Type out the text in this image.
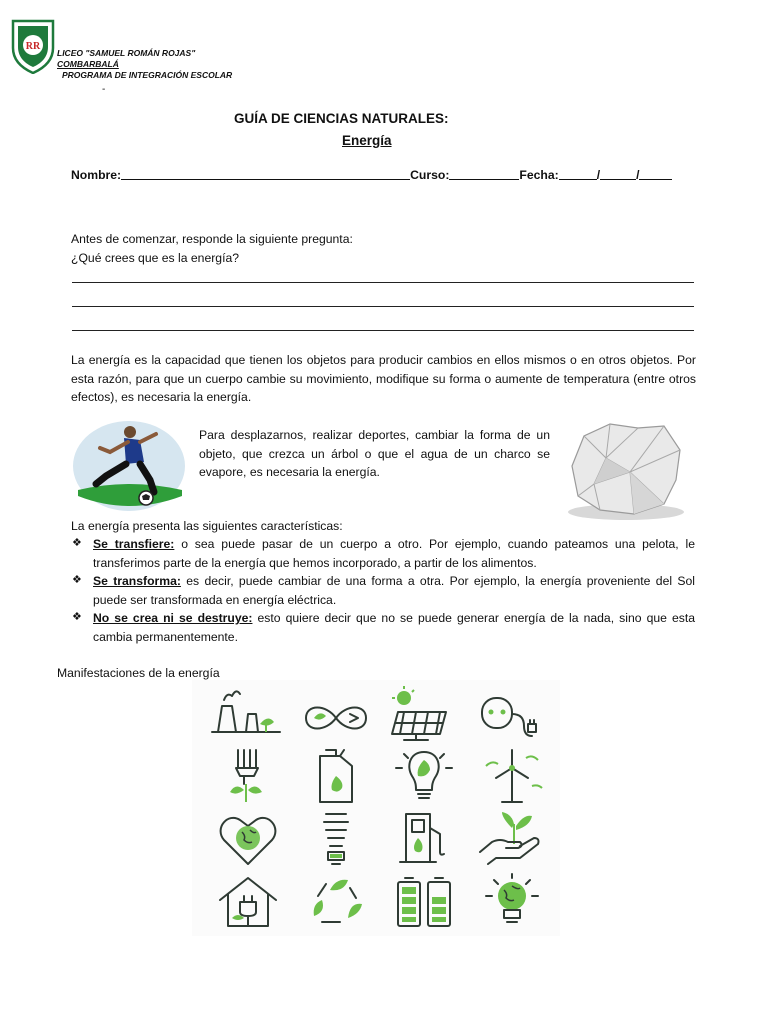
RR
LICEO "SAMUEL ROMÁN ROJAS"
COMBARBALÁ
PROGRAMA DE INTEGRACIÓN ESCOLAR
-
GUÍA DE CIENCIAS NATURALES:
Energía
Nombre:	Curso:	Fecha:	/	/
Antes de comenzar, responde la siguiente pregunta:
¿Qué crees que es la energía?
La energía es la capacidad que tienen los objetos para producir cambios en ellos mismos o en otros objetos. Por esta razón, para que un cuerpo cambie su movimiento, modifique su forma o aumente de temperatura (entre otros efectos), es necesaria la energía.
Para desplazarnos, realizar deportes, cambiar la forma de un objeto, que crezca un árbol o que el agua de un charco se evapore, es necesaria la energía.
La energía presenta las siguientes características:
❖ Se transfiere: o sea puede pasar de un cuerpo a otro. Por ejemplo, cuando pateamos una pelota, le transferimos parte de la energía que hemos incorporado, a partir de los alimentos.
❖ Se transforma: es decir, puede cambiar de una forma a otra. Por ejemplo, la energía proveniente del Sol puede ser transformada en energía eléctrica.
❖ No se crea ni se destruye: esto quiere decir que no se puede generar energía de la nada, sino que esta cambia permanentemente.
Manifestaciones de la energía
